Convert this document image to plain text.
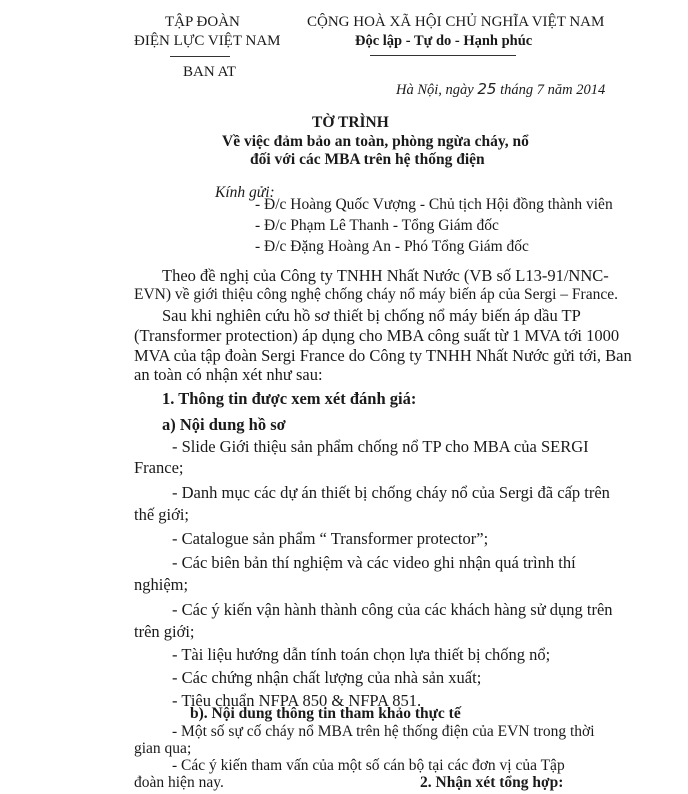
TẬP ĐOÀN
ĐIỆN LỰC VIỆT NAM
BAN AT
CỘNG HOÀ XÃ HỘI CHỦ NGHĨA VIỆT NAM
Độc lập - Tự do - Hạnh phúc
Hà Nội, ngày 25 tháng 7 năm 2014
TỜ TRÌNH
Về việc đảm bảo an toàn, phòng ngừa cháy, nổ
đối với các MBA trên hệ thống điện
Kính gửi:
- Đ/c Hoàng Quốc Vượng - Chủ tịch Hội đồng thành viên
- Đ/c Phạm Lê Thanh - Tổng Giám đốc
- Đ/c Đặng Hoàng An - Phó Tổng Giám đốc
Theo đề nghị của Công ty TNHH Nhất Nước (VB số L13-91/NNC-
EVN) về giới thiệu công nghệ chống cháy nổ máy biến áp của Sergi – France.
Sau khi nghiên cứu hồ sơ thiết bị chống nổ máy biến áp dầu TP
(Transformer protection) áp dụng cho MBA công suất từ 1 MVA tới 1000
MVA của tập đoàn Sergi France do Công ty TNHH Nhất Nước gửi tới, Ban
an toàn có nhận xét như sau:
1. Thông tin được xem xét đánh giá:
a) Nội dung hồ sơ
- Slide Giới thiệu sản phẩm chống nổ TP cho MBA của SERGI
France;
- Danh mục các dự án thiết bị chống cháy nổ của Sergi đã cấp trên
thế giới;
- Catalogue sản phẩm “ Transformer protector”;
- Các biên bản thí nghiệm và các video ghi nhận quá trình thí
nghiệm;
- Các ý kiến vận hành thành công của các khách hàng sử dụng trên
trên giới;
- Tài liệu hướng dẫn tính toán chọn lựa thiết bị chống nổ;
- Các chứng nhận chất lượng của nhà sản xuất;
- Tiêu chuẩn NFPA 850 & NFPA 851.
b). Nội dung thông tin tham khảo thực tế
- Một số sự cố cháy nổ MBA trên hệ thống điện của EVN trong thời
gian qua;
- Các ý kiến tham vấn của một số cán bộ tại các đơn vị của Tập
đoàn hiện nay.	2. Nhận xét tổng hợp:
